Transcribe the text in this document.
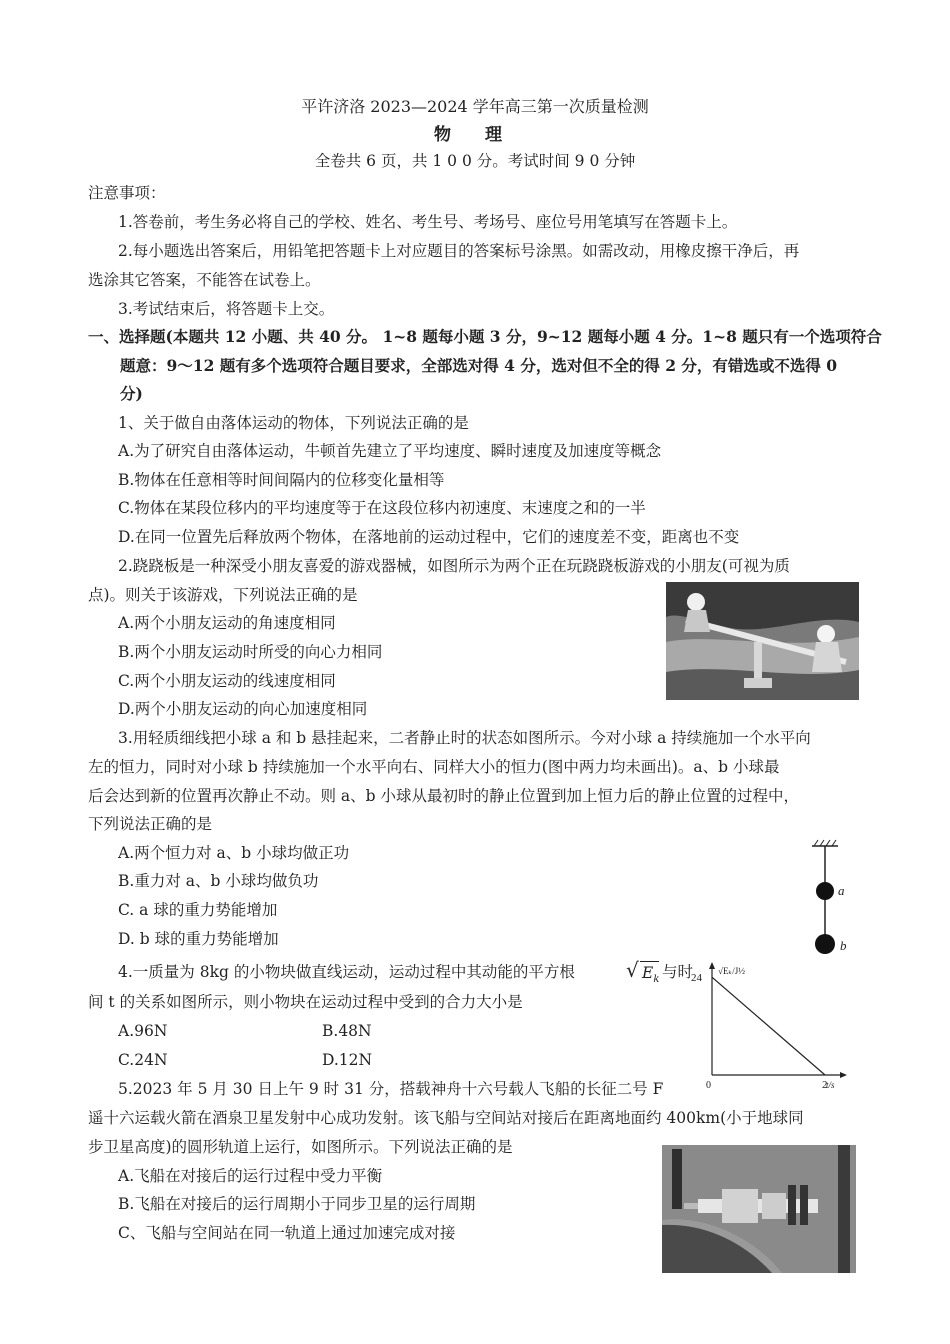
平许济洛 2023—2024 学年高三第一次质量检测
物 理
全卷共 6 页，共 1 0 0 分。考试时间 9 0 分钟
注意事项：
1.答卷前，考生务必将自己的学校、姓名、考生号、考场号、座位号用笔填写在答题卡上。
2.每小题选出答案后，用铅笔把答题卡上对应题目的答案标号涂黑。如需改动，用橡皮擦干净后，再
选涂其它答案，不能答在试卷上。
3.考试结束后，将答题卡上交。
一、选择题(本题共 12 小题、共 40 分。 1~8 题每小题 3 分，9~12 题每小题 4 分。1~8 题只有一个选项符合
题意：9～12 题有多个选项符合题目要求，全部选对得 4 分，选对但不全的得 2 分，有错选或不选得 0
分)
1、关于做自由落体运动的物体，下列说法正确的是
A.为了研究自由落体运动，牛顿首先建立了平均速度、瞬时速度及加速度等概念
B.物体在任意相等时间间隔内的位移变化量相等
C.物体在某段位移内的平均速度等于在这段位移内初速度、末速度之和的一半
D.在同一位置先后释放两个物体，在落地前的运动过程中，它们的速度差不变，距离也不变
2.跷跷板是一种深受小朋友喜爱的游戏器械，如图所示为两个正在玩跷跷板游戏的小朋友(可视为质
点)。则关于该游戏，下列说法正确的是
A.两个小朋友运动的角速度相同
B.两个小朋友运动时所受的向心力相同
C.两个小朋友运动的线速度相同
D.两个小朋友运动的向心加速度相同
3.用轻质细线把小球 a 和 b 悬挂起来，二者静止时的状态如图所示。今对小球 a 持续施加一个水平向
左的恒力，同时对小球 b 持续施加一个水平向右、同样大小的恒力(图中两力均未画出)。a、b 小球最
后会达到新的位置再次静止不动。则 a、b 小球从最初时的静止位置到加上恒力后的静止位置的过程中，
下列说法正确的是
A.两个恒力对 a、b 小球均做正功
B.重力对 a、b 小球均做负功
C. a 球的重力势能增加
D. b 球的重力势能增加
a
b
4.一质量为 8kg 的小物块做直线运动，运动过程中其动能的平方根	√ $E_k$ 与时
间 t 的关系如图所示，则小物块在运动过程中受到的合力大小是
A.96N	B.48N
C.24N	D.12N
√Eₖ/J½
t/s
0
24
2
5.2023 年 5 月 30 日上午 9 时 31 分，搭载神舟十六号载人飞船的长征二号 F
遥十六运载火箭在酒泉卫星发射中心成功发射。该飞船与空间站对接后在距离地面约 400km(小于地球同
步卫星高度)的圆形轨道上运行，如图所示。下列说法正确的是
A.飞船在对接后的运行过程中受力平衡
B.飞船在对接后的运行周期小于同步卫星的运行周期
C、飞船与空间站在同一轨道上通过加速完成对接
